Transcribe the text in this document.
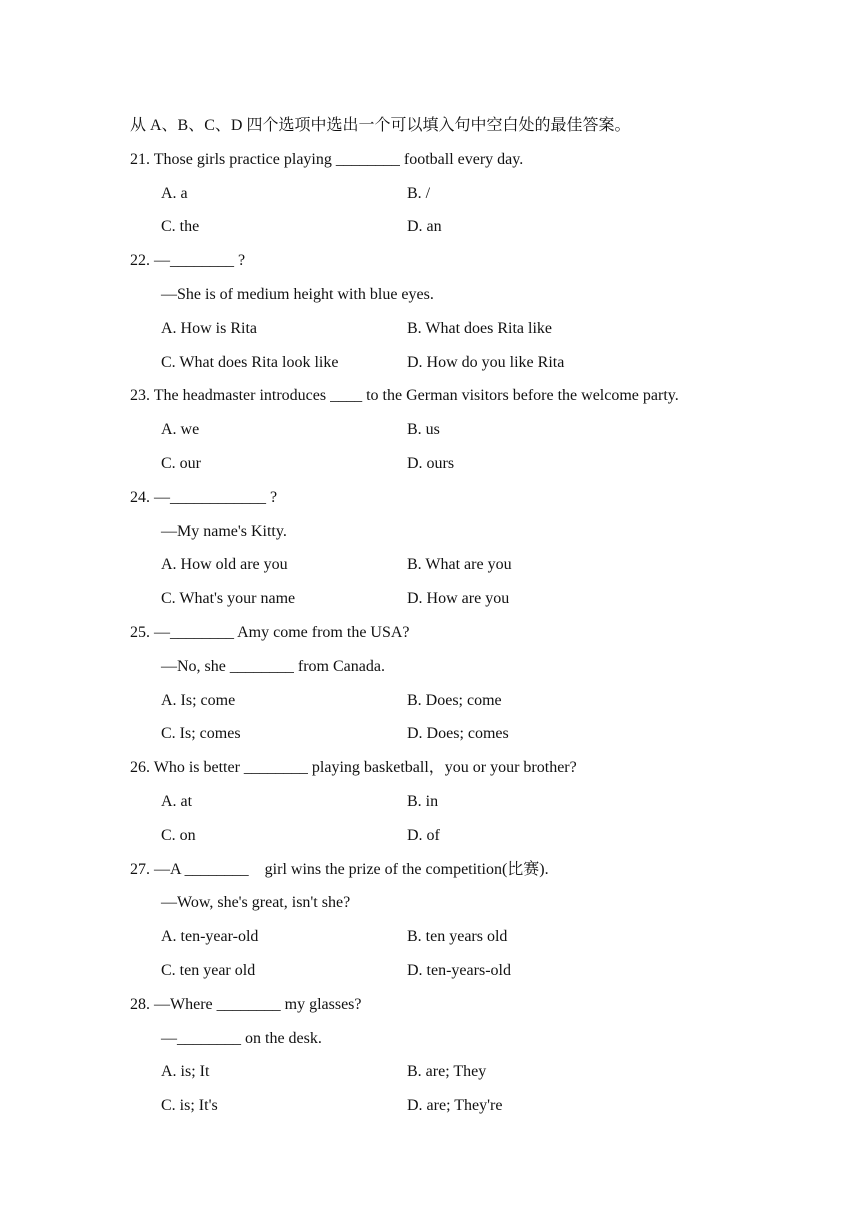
从 A、B、C、D 四个选项中选出一个可以填入句中空白处的最佳答案。
21. Those girls practice playing ________ football every day.
A. a	B. /
C. the	D. an
22. —________ ?
—She is of medium height with blue eyes.
A. How is Rita	B. What does Rita like
C. What does Rita look like	D. How do you like Rita
23. The headmaster introduces ____ to the German visitors before the welcome party.
A. we	B. us
C. our	D. ours
24. —____________ ?
—My name's Kitty.
A. How old are you	B. What are you
C. What's your name	D. How are you
25. —________ Amy come from the USA?
—No, she ________ from Canada.
A. Is; come	B. Does; come
C. Is; comes	D. Does; comes
26. Who is better ________ playing basketball，you or your brother?
A. at	B. in
C. on	D. of
27. —A ________    girl wins the prize of the competition(比赛).
—Wow, she's great, isn't she?
A. ten-year-old	B. ten years old
C. ten year old	D. ten-years-old
28. —Where ________ my glasses?
—________ on the desk.
A. is; It	B. are; They
C. is; It's	D. are; They're
